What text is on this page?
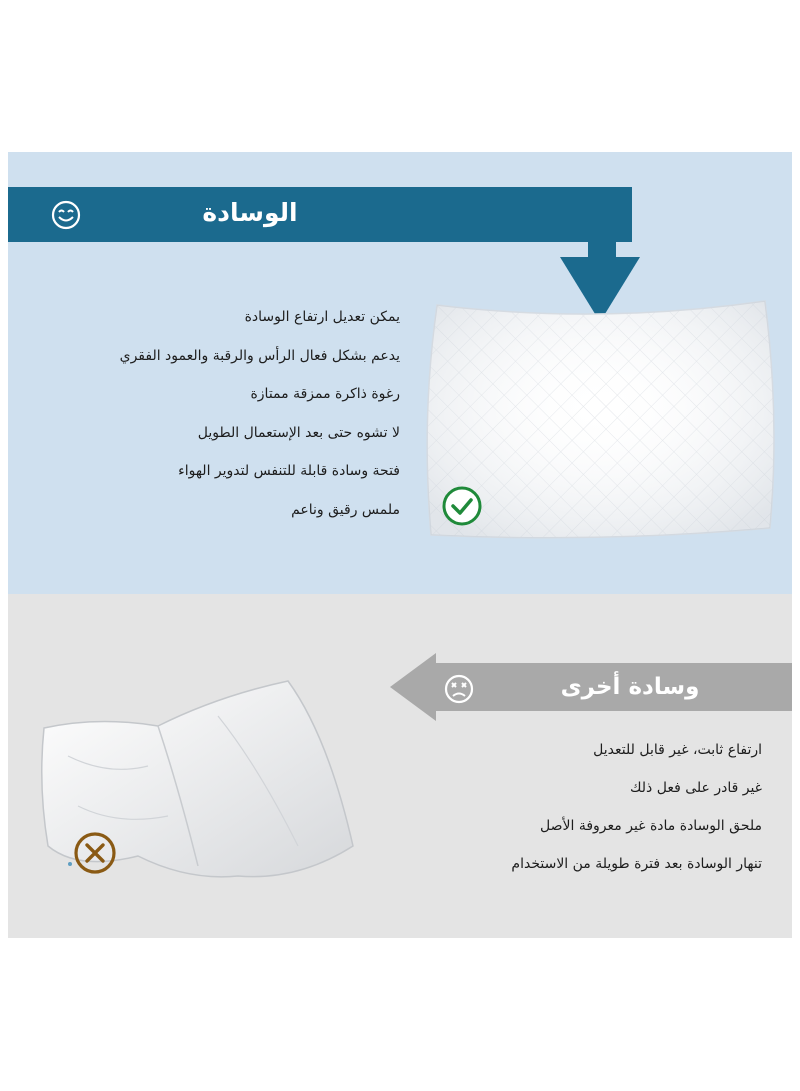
الوسادة
يمكن تعديل ارتفاع الوسادة
يدعم بشكل فعال الرأس والرقبة والعمود الفقري
رغوة ذاكرة ممزقة ممتازة
لا تشوه حتى بعد الإستعمال الطويل
فتحة وسادة قابلة للتنفس لتدوير الهواء
ملمس رقيق وناعم
وسادة أخرى
ارتفاع ثابت، غير قابل للتعديل
غير قادر على فعل ذلك
ملحق الوسادة مادة غير معروفة الأصل
تنهار الوسادة بعد فترة طويلة من الاستخدام
